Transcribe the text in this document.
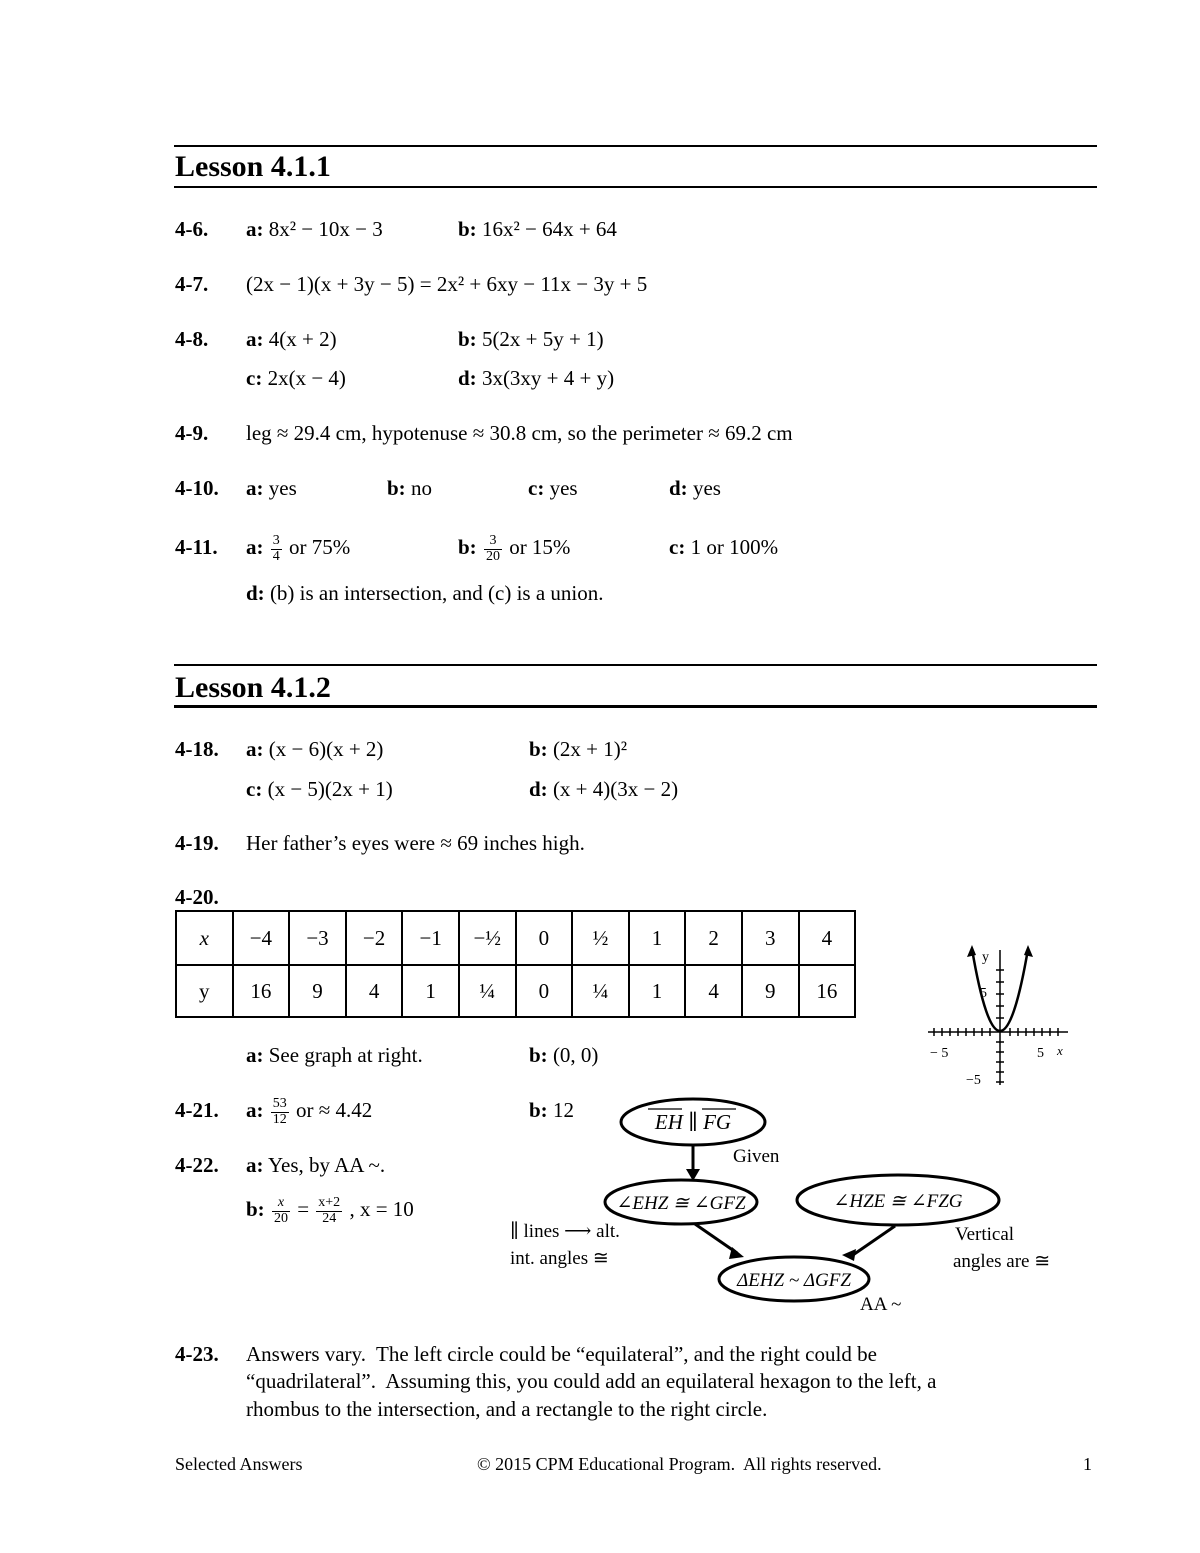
Lesson 4.1.1
4-6. a: 8x² − 10x − 3	b: 16x² − 64x + 64
4-7. (2x − 1)(x + 3y − 5) = 2x² + 6xy − 11x − 3y + 5
4-8. a: 4(x + 2)	b: 5(2x + 5y + 1)
c: 2x(x − 4)	d: 3x(3xy + 4 + y)
4-9. leg ≈ 29.4 cm, hypotenuse ≈ 30.8 cm, so the perimeter ≈ 69.2 cm
4-10. a: yes	b: no	c: yes	d: yes
4-11. a: $\frac{3}{4}$ or 75%	b: $\frac{3}{20}$ or 15%	c: 1 or 100%
d: (b) is an intersection, and (c) is a union.
Lesson 4.1.2
4-18. a: (x − 6)(x + 2)	b: (2x + 1)²
c: (x − 5)(2x + 1)	d: (x + 4)(3x − 2)
4-19. Her father’s eyes were ≈ 69 inches high.
4-20.
x	−4	−3	−2	−1	−½	0	½	1	2	3	4
y	16	9	4	1	¼	0	¼	1	4	9	16
a: See graph at right.	b: (0, 0)
y
5
− 5	5 x
−5
4-21. a: $\frac{53}{12}$ or ≈ 4.42	b: 12
4-22. a: Yes, by AA ~.
b: $\frac{x}{20} = \frac{x+2}{24}$ , x = 10
EH ∥ FG
Given
∠EHZ ≅ ∠GFZ	∠HZE ≅ ∠FZG
ΔEHZ ~ ΔGFZ
∥ lines ⟶ alt.
int. angles ≅
Vertical
angles are ≅
AA ~
4-23. Answers vary.  The left circle could be “equilateral”, and the right could be
“quadrilateral”.  Assuming this, you could add an equilateral hexagon to the left, a
rhombus to the intersection, and a rectangle to the right circle.
Selected Answers	© 2015 CPM Educational Program.  All rights reserved.	1
